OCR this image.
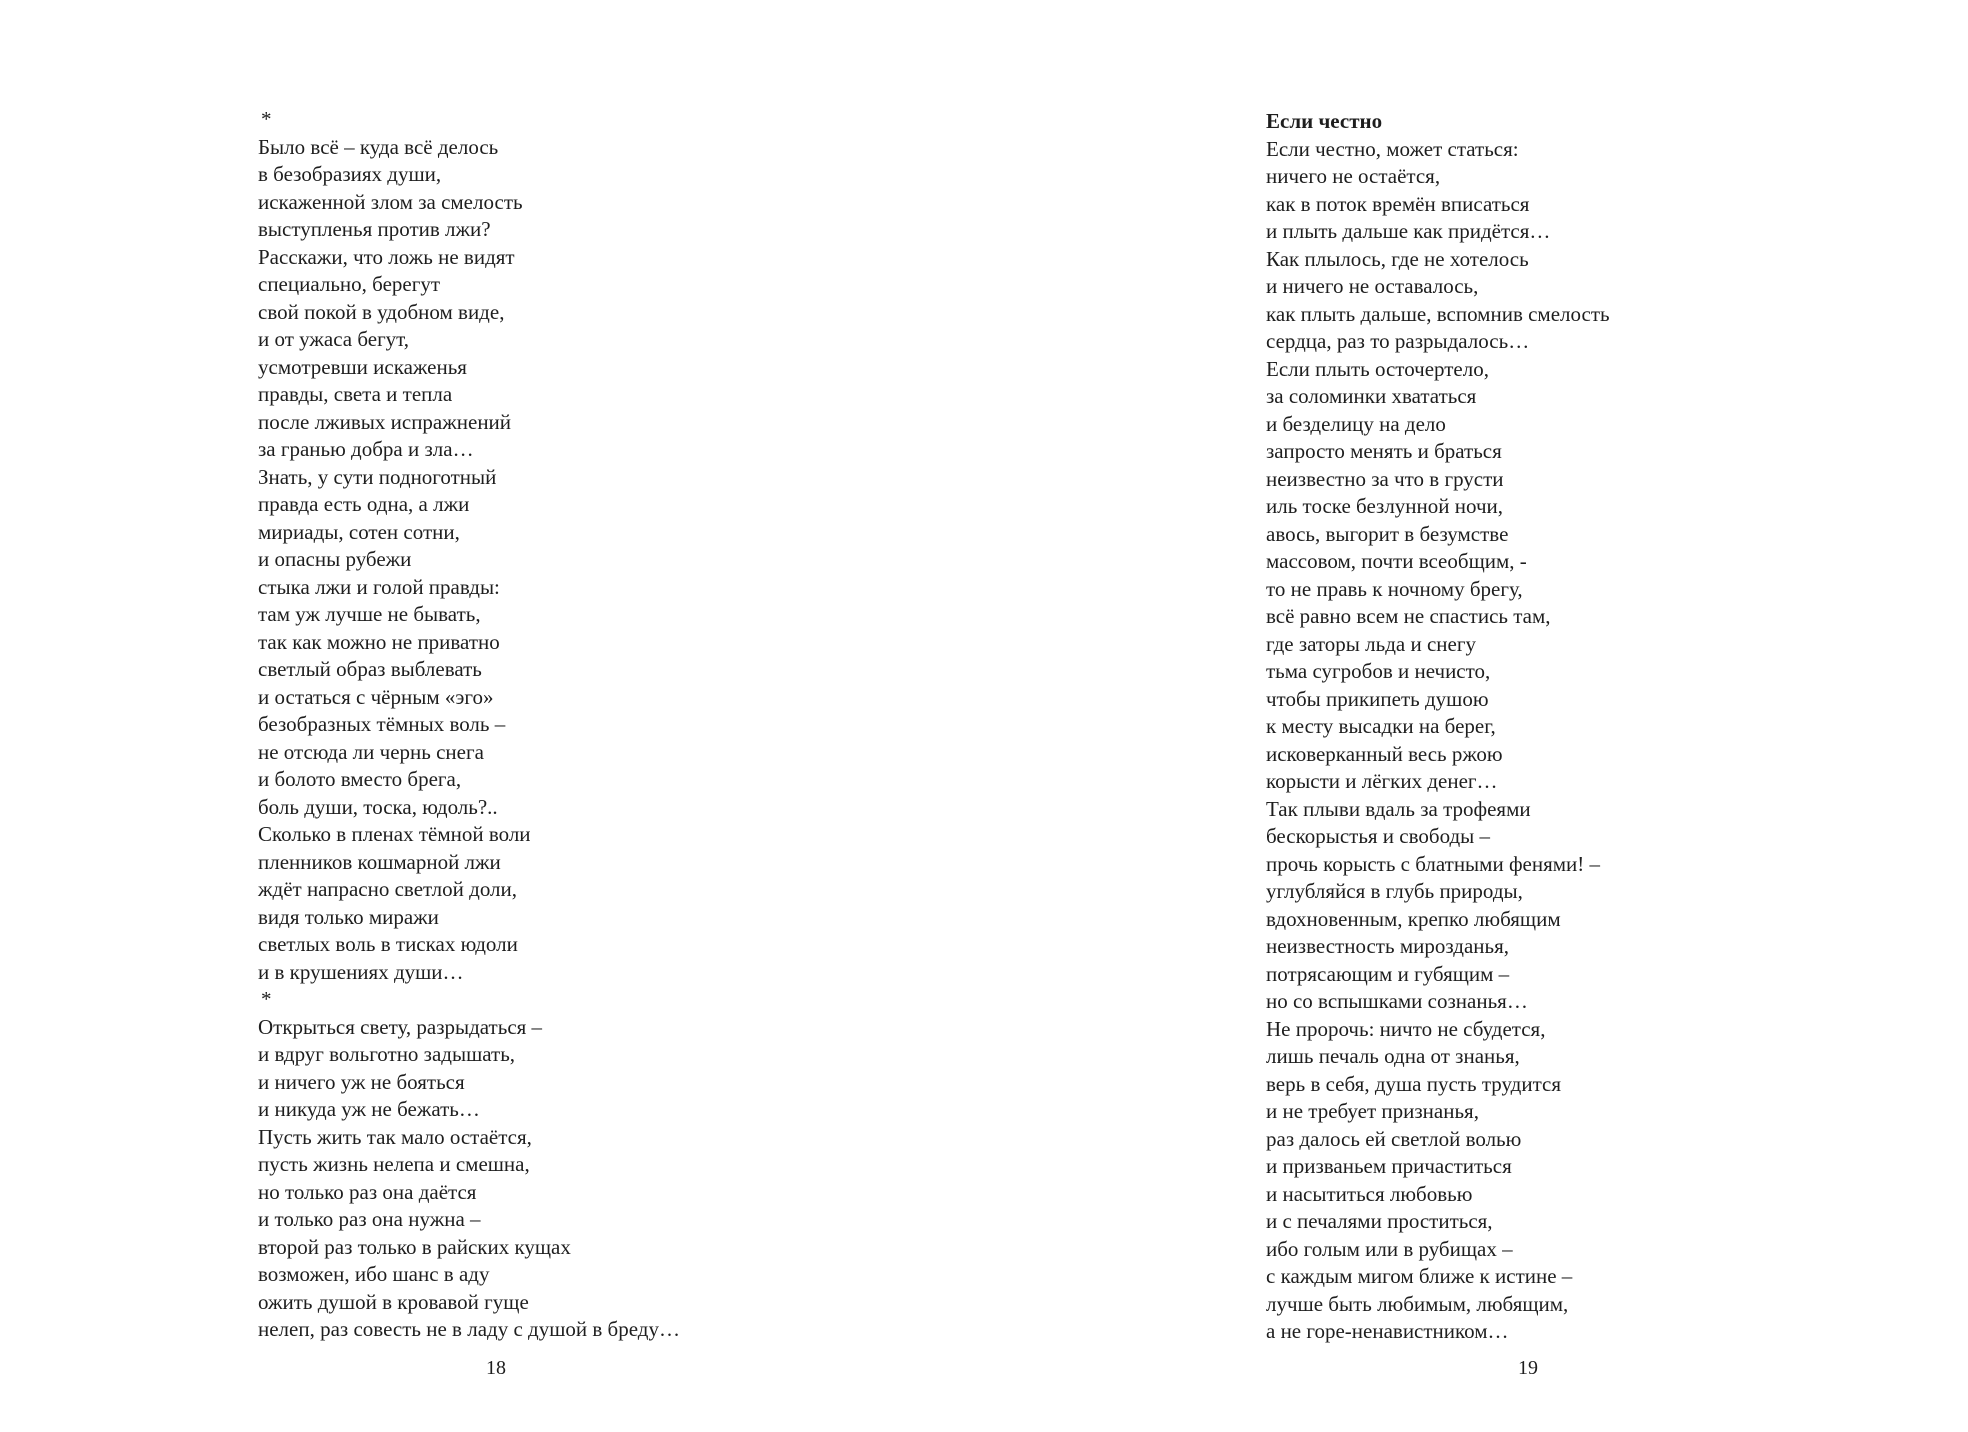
*
Было всё – куда всё делось
в безобразиях души,
искаженной злом за смелость
выступленья против лжи?
Расскажи, что ложь не видят
специально, берегут
свой покой в удобном виде,
и от ужаса бегут,
усмотревши искаженья
правды, света и тепла
после лживых испражнений
за гранью добра и зла…
Знать, у сути подноготный
правда есть одна, а лжи
мириады, сотен сотни,
и опасны рубежи
стыка лжи и голой правды:
там уж лучше не бывать,
так как можно не приватно
светлый образ выблевать
и остаться с чёрным «эго»
безобразных тёмных воль –
не отсюда ли чернь снега
и болото вместо брега,
боль души, тоска, юдоль?..
Сколько в пленах тёмной воли
пленников кошмарной лжи
ждёт напрасно светлой доли,
видя только миражи
светлых воль в тисках юдоли
и в крушениях души…
*
Открыться свету, разрыдаться –
и вдруг вольготно задышать,
и ничего уж не бояться
и никуда уж не бежать…
Пусть жить так мало остаётся,
пусть жизнь нелепа и смешна,
но только раз она даётся
и только раз она нужна –
второй раз только в райских кущах
возможен, ибо шанс в аду
ожить душой в кровавой гуще
нелеп, раз совесть не в ладу с душой в бреду…
18
Если честно
Если честно, может статься:
ничего не остаётся,
как в поток времён вписаться
и плыть дальше как придётся…
Как плылось, где не хотелось
и ничего не оставалось,
как плыть дальше, вспомнив смелость
сердца, раз то разрыдалось…
Если плыть осточертело,
за соломинки хвататься
и безделицу на дело
запросто менять и браться
неизвестно за что в грусти
иль тоске безлунной ночи,
авось, выгорит в безумстве
массовом, почти всеобщим, -
то не правь к ночному брегу,
всё равно всем не спастись там,
где заторы льда и снегу
тьма сугробов и нечисто,
чтобы прикипеть душою
к месту высадки на берег,
исковерканный весь ржою
корысти и лёгких денег…
Так плыви вдаль за трофеями
бескорыстья и свободы –
прочь корысть с блатными фенями! –
углубляйся в глубь природы,
вдохновенным, крепко любящим
неизвестность мирозданья,
потрясающим и губящим –
но со вспышками сознанья…
Не пророчь: ничто не сбудется,
лишь печаль одна от знанья,
верь в себя, душа пусть трудится
и не требует признанья,
раз далось ей светлой волью
и призваньем причаститься
и насытиться любовью
и с печалями проститься,
ибо голым или в рубищах –
с каждым мигом ближе к истине –
лучше быть любимым, любящим,
а не горе-ненавистником…
19
